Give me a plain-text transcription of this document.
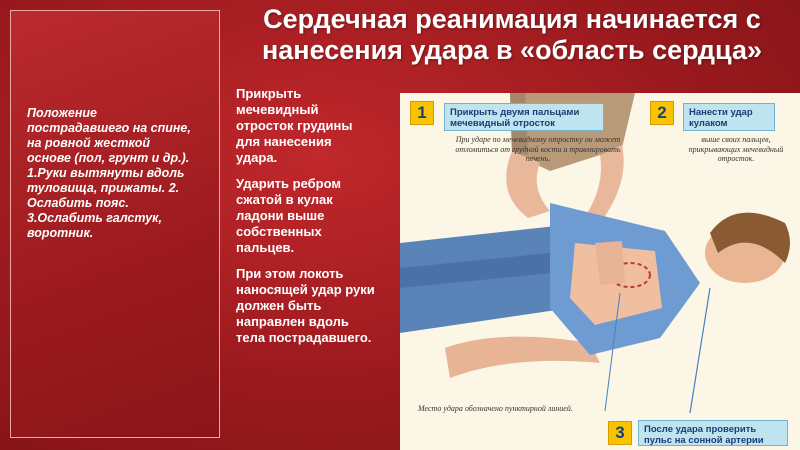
Положение пострадавшего на спине, на ровной жесткой основе (пол, грунт и др.).
1.Руки вытянуты вдоль туловища, прижаты. 2. Ослабить пояс.
3.Ослабить галстук, воротник.
Сердечная реанимация начинается с нанесения удара в «область сердца»

Прикрыть мечевидный отросток грудины для нанесения удара.

Ударить ребром сжатой в кулак ладони выше собственных пальцев.

При этом локоть наносящей удар руки должен быть направлен вдоль тела пострадавшего.

1	Прикрыть двумя пальцами мечевидный отросток
При ударе по мечевидному отростку он может отломиться от грудной кости и травмировать печень.
2	Нанести удар кулаком
выше своих пальцев, прикрывающих мечевидный отросток.
Место удара обозначено пунктирной линией.
3	После удара проверить пульс на сонной артерии
